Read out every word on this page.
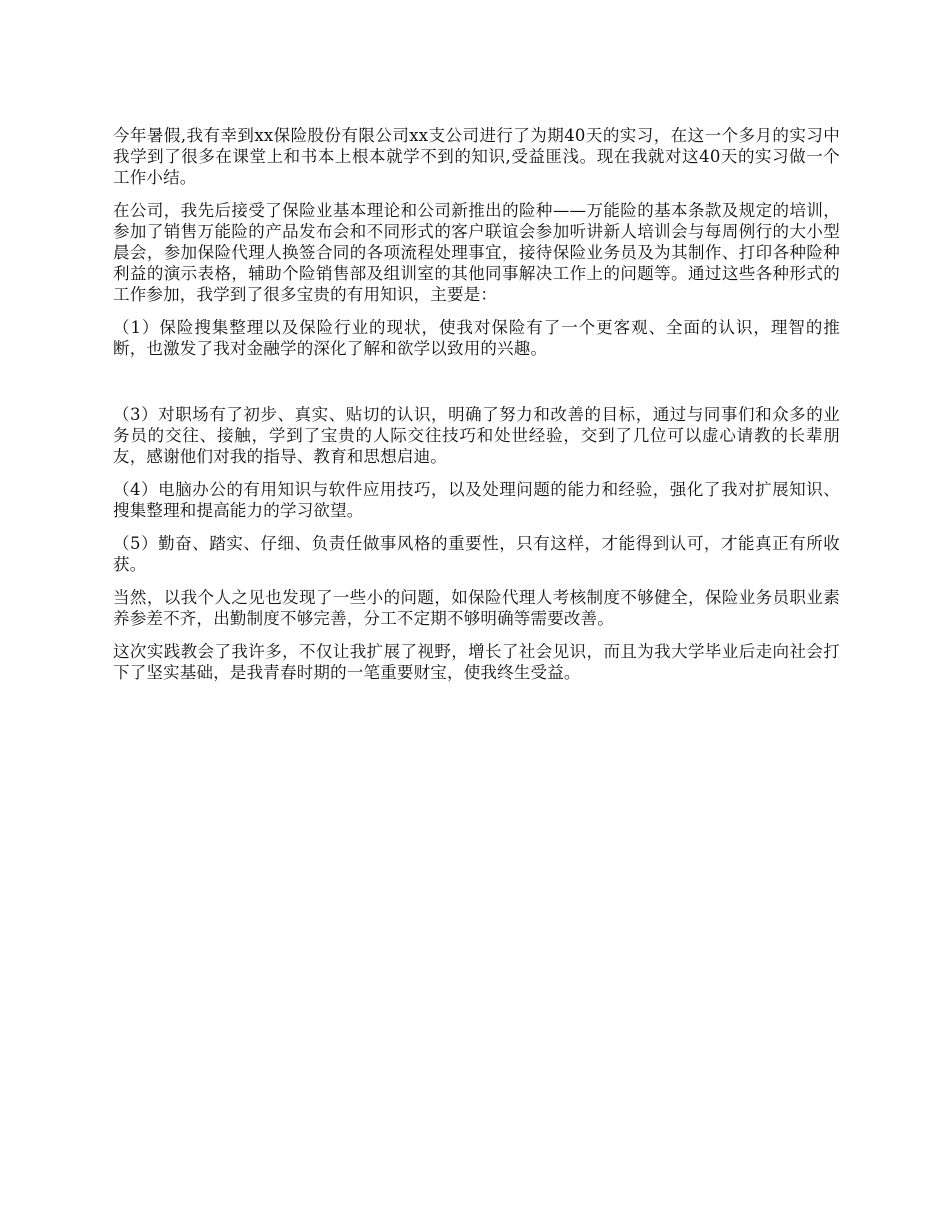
今年暑假,我有幸到xx保险股份有限公司xx支公司进行了为期40天的实习，在这一个多月的实习中我学到了很多在课堂上和书本上根本就学不到的知识,受益匪浅。现在我就对这40天的实习做一个工作小结。

在公司，我先后接受了保险业基本理论和公司新推出的险种——万能险的基本条款及规定的培训，参加了销售万能险的产品发布会和不同形式的客户联谊会参加听讲新人培训会与每周例行的大小型晨会，参加保险代理人换签合同的各项流程处理事宜，接待保险业务员及为其制作、打印各种险种利益的演示表格，辅助个险销售部及组训室的其他同事解决工作上的问题等。通过这些各种形式的工作参加，我学到了很多宝贵的有用知识，主要是：

（1）保险搜集整理以及保险行业的现状，使我对保险有了一个更客观、全面的认识，理智的推断，也激发了我对金融学的深化了解和欲学以致用的兴趣。

（3）对职场有了初步、真实、贴切的认识，明确了努力和改善的目标，通过与同事们和众多的业务员的交往、接触，学到了宝贵的人际交往技巧和处世经验，交到了几位可以虚心请教的长辈朋友，感谢他们对我的指导、教育和思想启迪。

（4）电脑办公的有用知识与软件应用技巧，以及处理问题的能力和经验，强化了我对扩展知识、搜集整理和提高能力的学习欲望。

（5）勤奋、踏实、仔细、负责任做事风格的重要性，只有这样，才能得到认可，才能真正有所收获。

当然，以我个人之见也发现了一些小的问题，如保险代理人考核制度不够健全，保险业务员职业素养参差不齐，出勤制度不够完善，分工不定期不够明确等需要改善。

这次实践教会了我许多，不仅让我扩展了视野，增长了社会见识，而且为我大学毕业后走向社会打下了坚实基础，是我青春时期的一笔重要财宝，使我终生受益。
